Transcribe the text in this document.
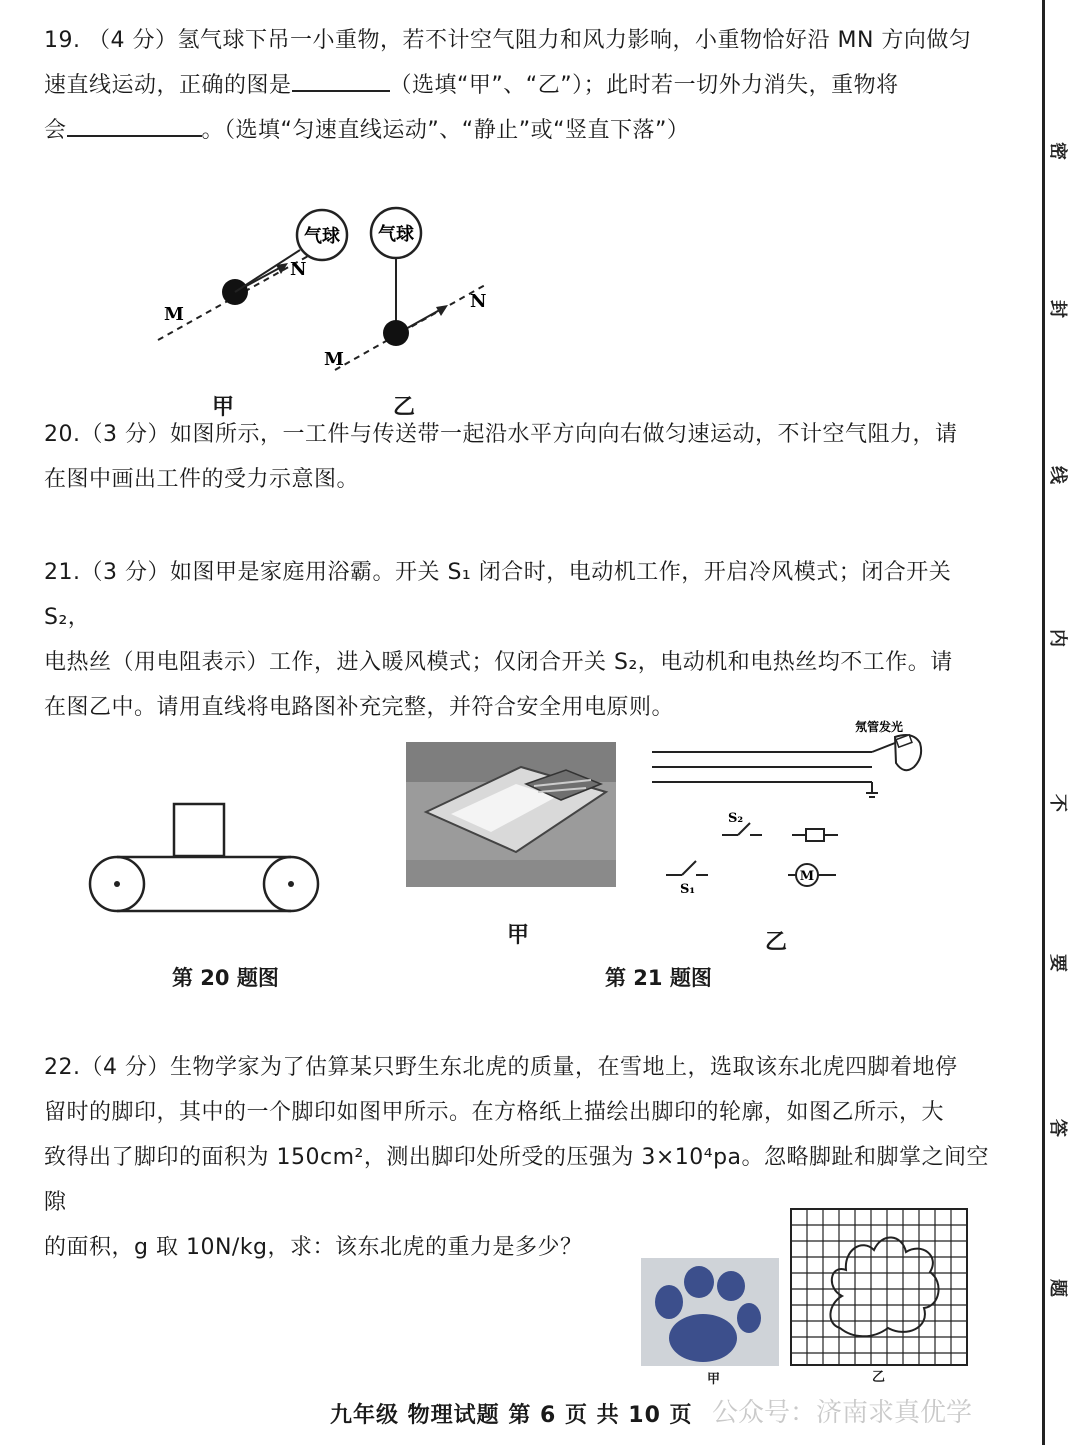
19. （4 分）氢气球下吊一小重物，若不计空气阻力和风力影响，小重物恰好沿 MN 方向做匀
速直线运动，正确的图是	（选填“甲”、“乙”）；此时若一切外力消失，重物将
会	。（选填“匀速直线运动”、“静止”或“竖直下落”）
气球
N
M
气球
N
M
甲	乙
20.（3 分）如图所示，一工件与传送带一起沿水平方向向右做匀速运动，不计空气阻力，请
在图中画出工件的受力示意图。
21.（3 分）如图甲是家庭用浴霸。开关 S₁ 闭合时，电动机工作，开启冷风模式；闭合开关 S₂，
电热丝（用电阻表示）工作，进入暖风模式；仅闭合开关 S₂，电动机和电热丝均不工作。请
在图乙中。请用直线将电路图补充完整，并符合安全用电原则。
第 20 题图
甲
氖管发光
S₂
S₁
M
乙
第 21 题图
22.（4 分）生物学家为了估算某只野生东北虎的质量，在雪地上，选取该东北虎四脚着地停
留时的脚印，其中的一个脚印如图甲所示。在方格纸上描绘出脚印的轮廓，如图乙所示，大
致得出了脚印的面积为 150cm²，测出脚印处所受的压强为 3×10⁴pa。忽略脚趾和脚掌之间空隙
的面积，g 取 10N/kg，求：该东北虎的重力是多少？
甲	乙
密
封
线
内
不
要
答
题
九年级 物理试题 第 6 页 共 10 页 公众号：济南求真优学
